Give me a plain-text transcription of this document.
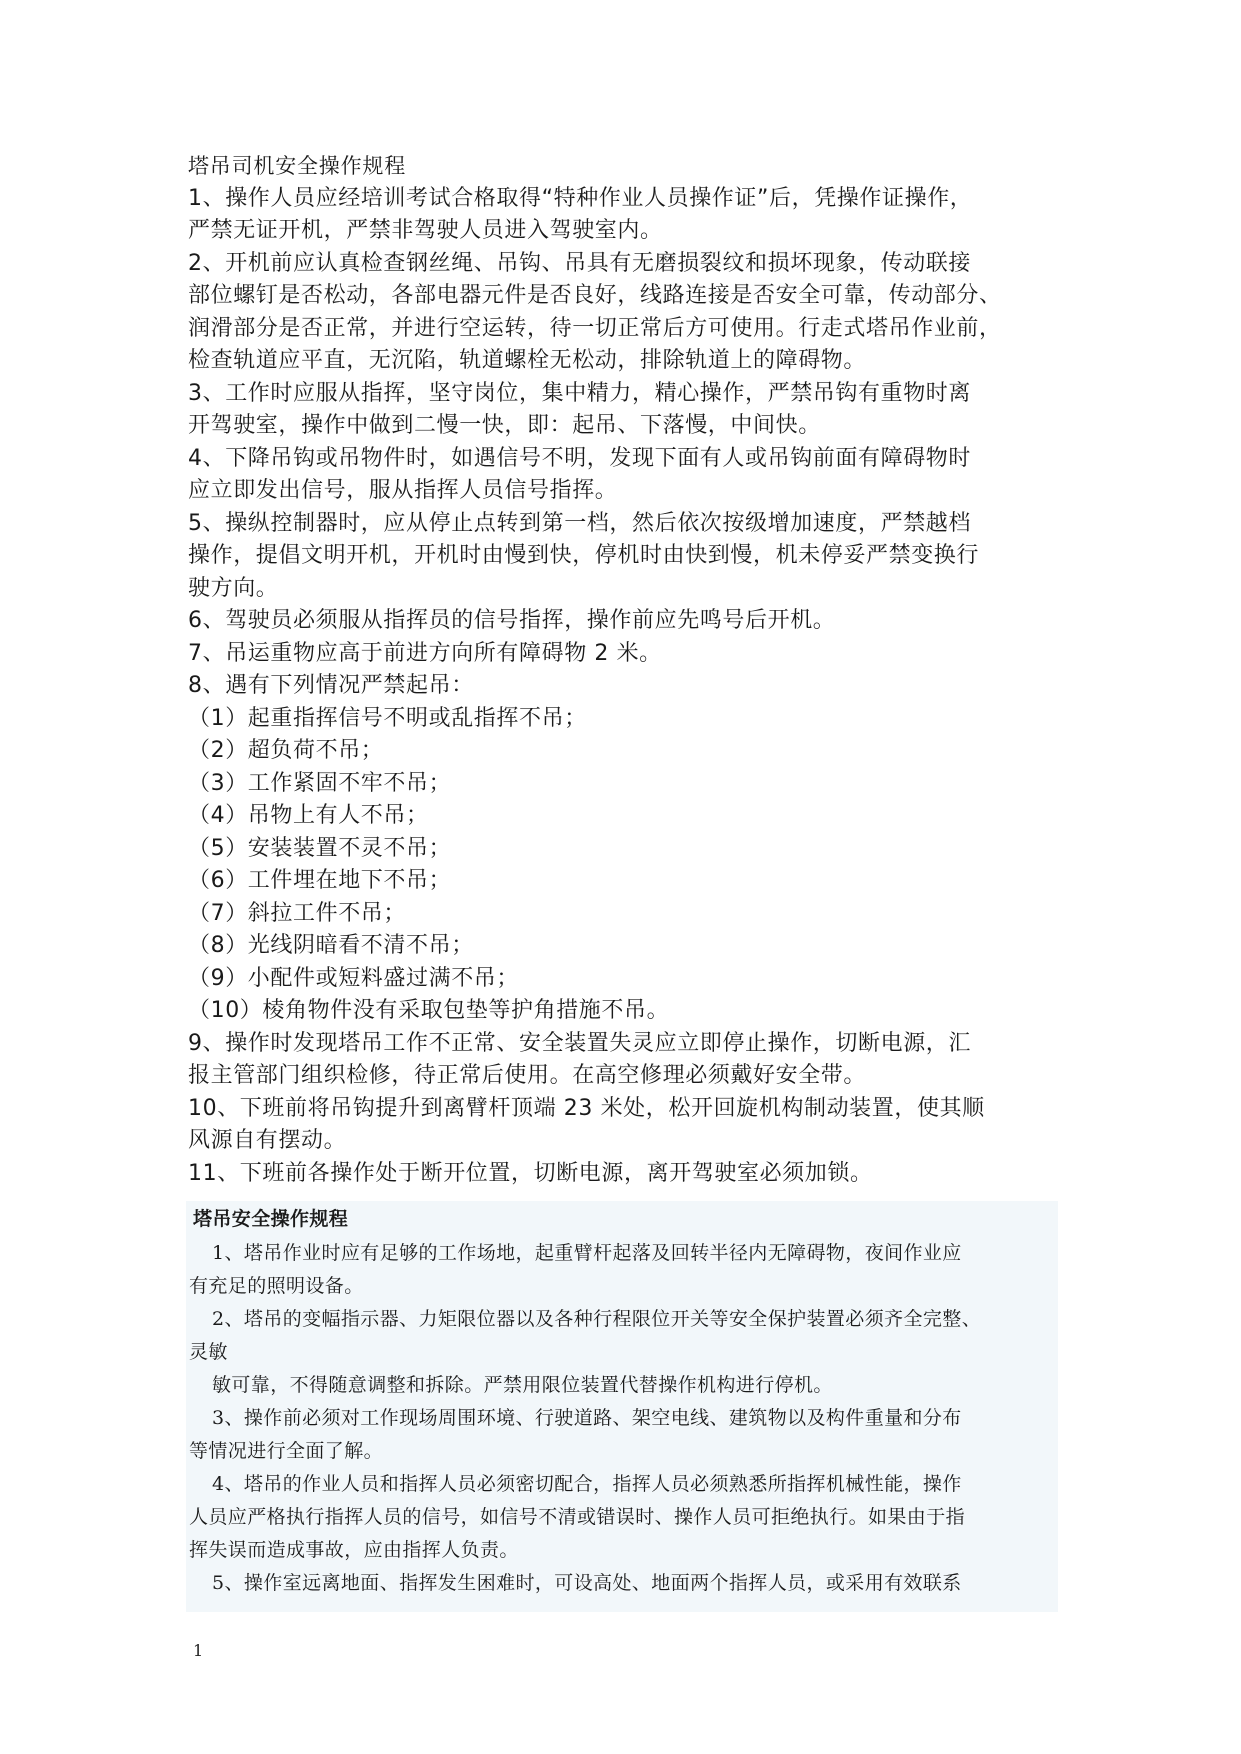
塔吊司机安全操作规程

1、操作人员应经培训考试合格取得“特种作业人员操作证”后，凭操作证操作，

严禁无证开机，严禁非驾驶人员进入驾驶室内。

2、开机前应认真检查钢丝绳、吊钩、吊具有无磨损裂纹和损坏现象，传动联接

部位螺钉是否松动，各部电器元件是否良好，线路连接是否安全可靠，传动部分、

润滑部分是否正常，并进行空运转，待一切正常后方可使用。行走式塔吊作业前，

检查轨道应平直，无沉陷，轨道螺栓无松动，排除轨道上的障碍物。

3、工作时应服从指挥，坚守岗位，集中精力，精心操作，严禁吊钩有重物时离

开驾驶室，操作中做到二慢一快，即：起吊、下落慢，中间快。

4、下降吊钩或吊物件时，如遇信号不明，发现下面有人或吊钩前面有障碍物时

应立即发出信号，服从指挥人员信号指挥。

5、操纵控制器时，应从停止点转到第一档，然后依次按级增加速度，严禁越档

操作，提倡文明开机，开机时由慢到快，停机时由快到慢，机未停妥严禁变换行

驶方向。

6、驾驶员必须服从指挥员的信号指挥，操作前应先鸣号后开机。

7、吊运重物应高于前进方向所有障碍物 2 米。

8、遇有下列情况严禁起吊：

（1）起重指挥信号不明或乱指挥不吊；

（2）超负荷不吊；

（3）工作紧固不牢不吊；

（4）吊物上有人不吊；

（5）安装装置不灵不吊；

（6）工件埋在地下不吊；

（7）斜拉工件不吊；

（8）光线阴暗看不清不吊；

（9）小配件或短料盛过满不吊；

（10）棱角物件没有采取包垫等护角措施不吊。

9、操作时发现塔吊工作不正常、安全装置失灵应立即停止操作，切断电源，汇

报主管部门组织检修，待正常后使用。在高空修理必须戴好安全带。

10、下班前将吊钩提升到离臂杆顶端 23 米处，松开回旋机构制动装置，使其顺

风源自有摆动。

11、下班前各操作处于断开位置，切断电源，离开驾驶室必须加锁。

塔吊安全操作规程

1、塔吊作业时应有足够的工作场地，起重臂杆起落及回转半径内无障碍物，夜间作业应

有充足的照明设备。

2、塔吊的变幅指示器、力矩限位器以及各种行程限位开关等安全保护装置必须齐全完整、

灵敏

敏可靠，不得随意调整和拆除。严禁用限位装置代替操作机构进行停机。

3、操作前必须对工作现场周围环境、行驶道路、架空电线、建筑物以及构件重量和分布

等情况进行全面了解。

4、塔吊的作业人员和指挥人员必须密切配合，指挥人员必须熟悉所指挥机械性能，操作

人员应严格执行指挥人员的信号，如信号不清或错误时、操作人员可拒绝执行。如果由于指

挥失误而造成事故，应由指挥人负责。

5、操作室远离地面、指挥发生困难时，可设高处、地面两个指挥人员，或采用有效联系

1
